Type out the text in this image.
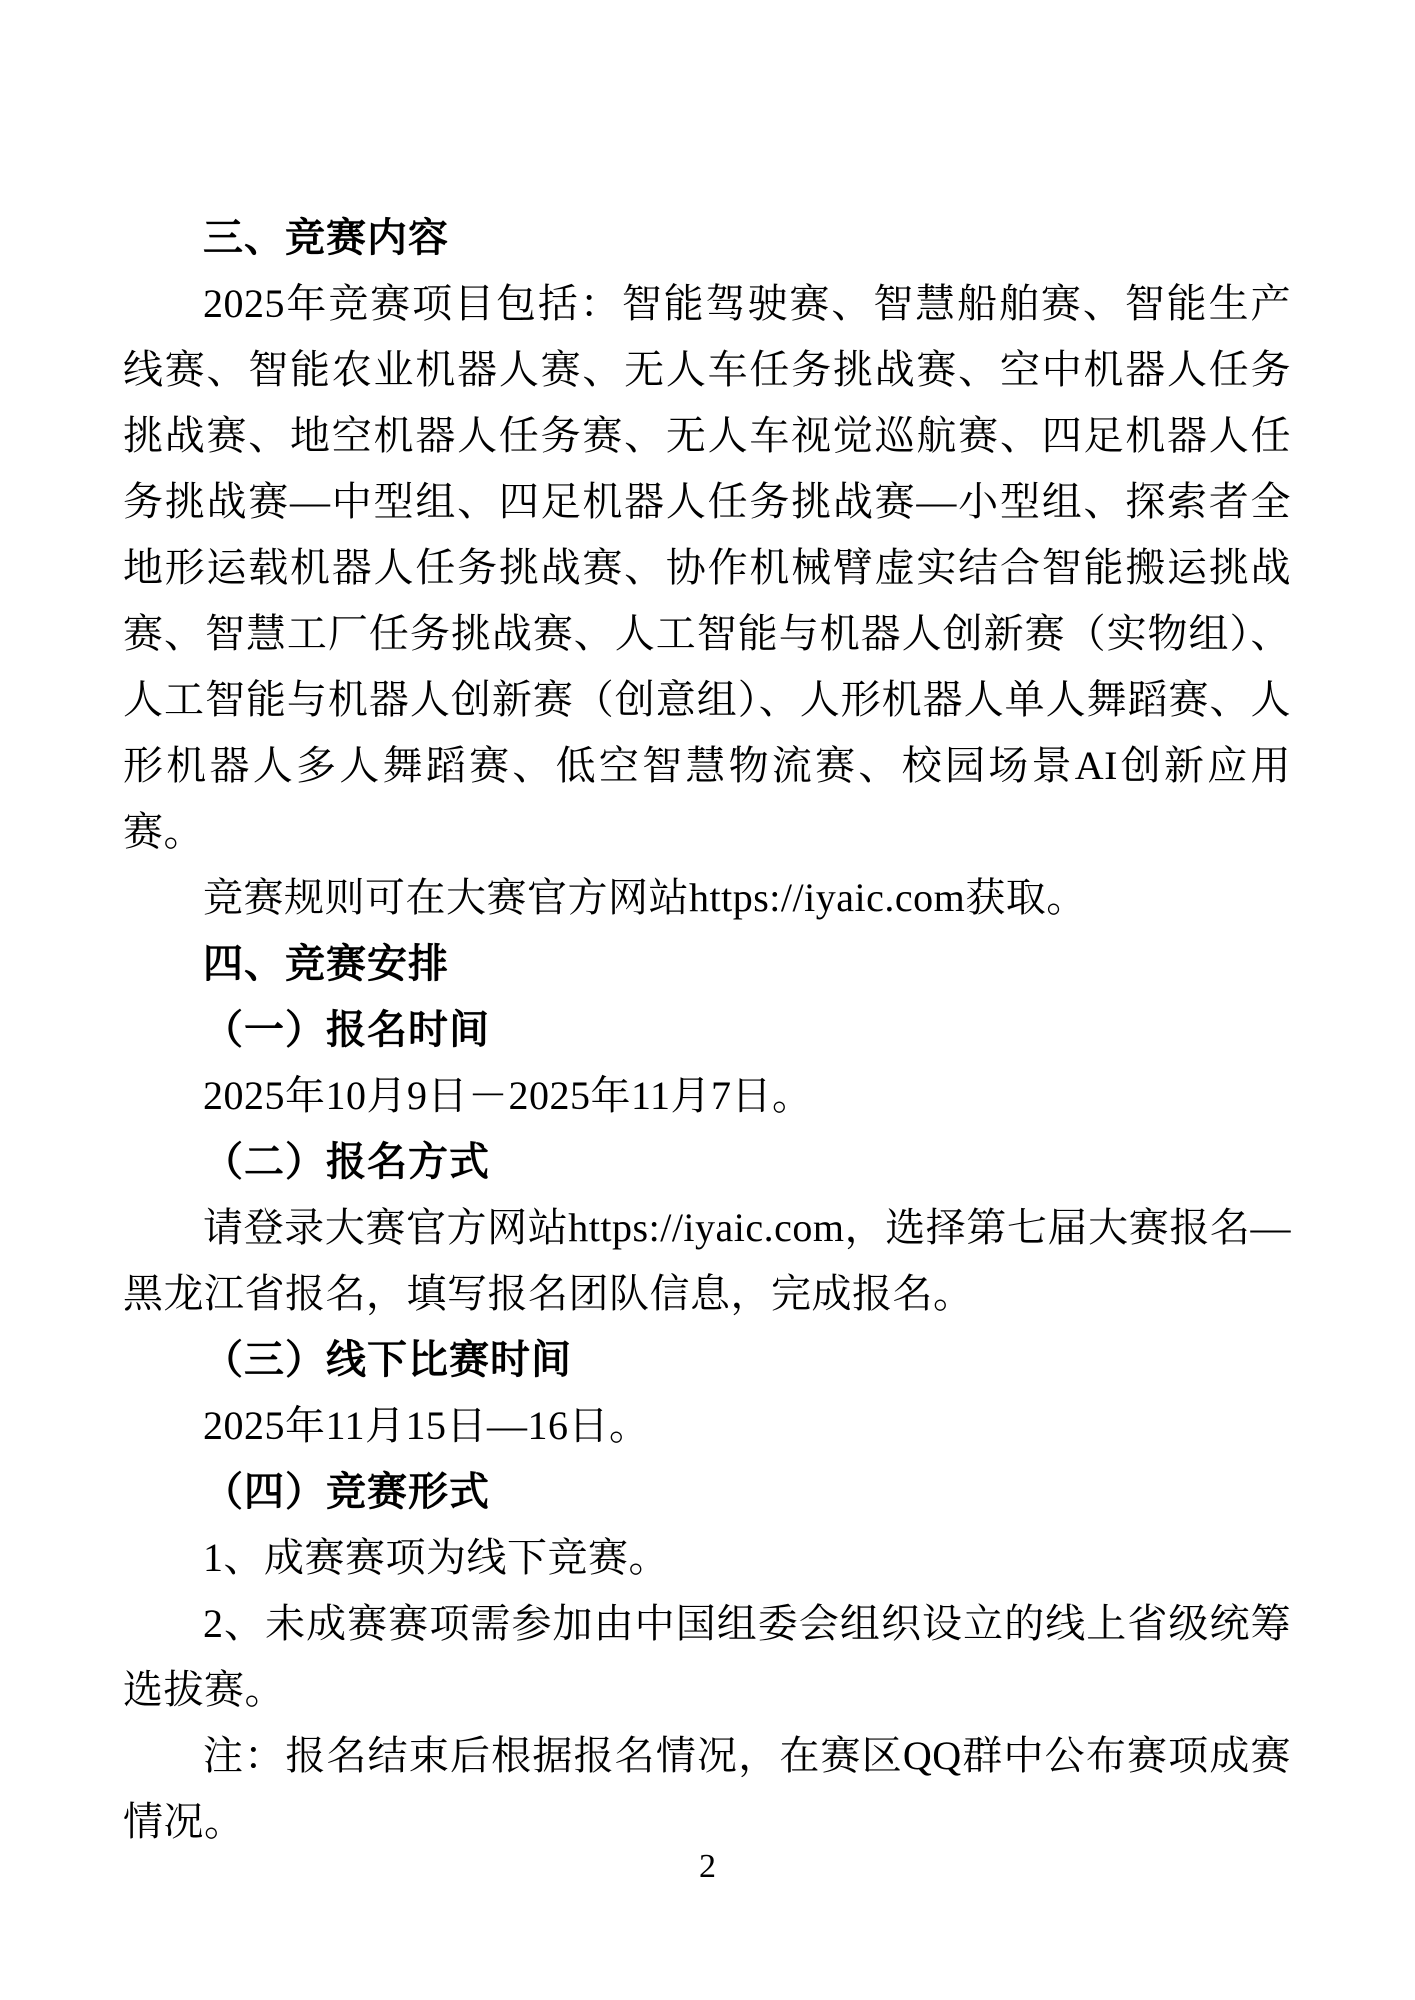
三、竞赛内容

2025年竞赛项目包括：智能驾驶赛、智慧船舶赛、智能生产线赛、智能农业机器人赛、无人车任务挑战赛、空中机器人任务挑战赛、地空机器人任务赛、无人车视觉巡航赛、四足机器人任务挑战赛—中型组、四足机器人任务挑战赛—小型组、探索者全地形运载机器人任务挑战赛、协作机械臂虚实结合智能搬运挑战赛、智慧工厂任务挑战赛、人工智能与机器人创新赛（实物组）、人工智能与机器人创新赛（创意组）、人形机器人单人舞蹈赛、人形机器人多人舞蹈赛、低空智慧物流赛、校园场景AI创新应用赛。

竞赛规则可在大赛官方网站https://iyaic.com获取。

四、竞赛安排

（一）报名时间

2025年10月9日－2025年11月7日。

（二）报名方式

请登录大赛官方网站https://iyaic.com，选择第七届大赛报名—黑龙江省报名，填写报名团队信息，完成报名。

（三）线下比赛时间

2025年11月15日—16日。

（四）竞赛形式

1、成赛赛项为线下竞赛。

2、未成赛赛项需参加由中国组委会组织设立的线上省级统筹选拔赛。

注：报名结束后根据报名情况，在赛区QQ群中公布赛项成赛情况。

2
